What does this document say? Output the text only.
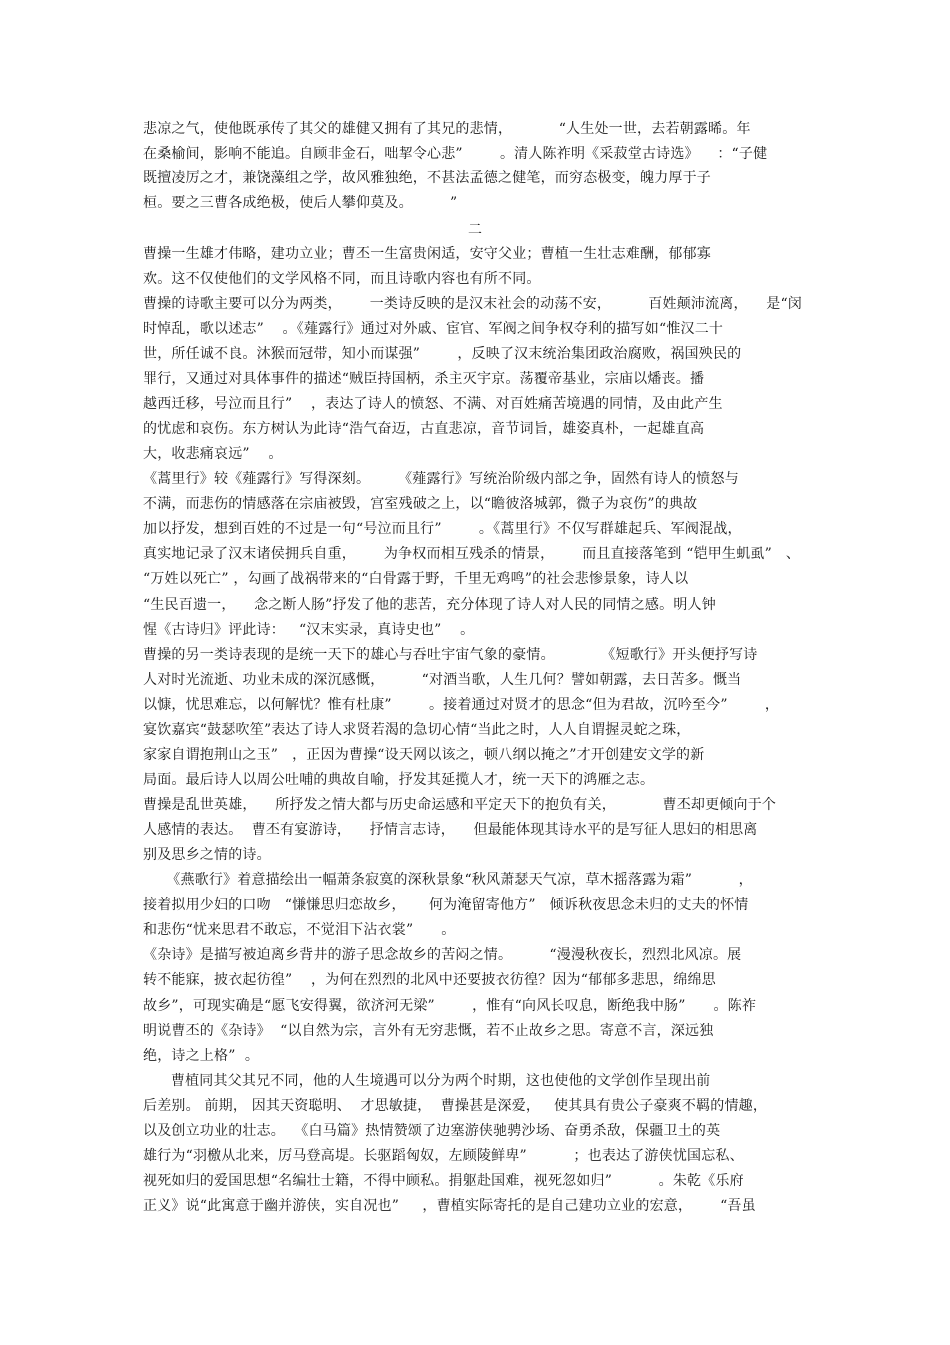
二
悲凉之气，使他既承传了其父的雄健又拥有了其兄的悲情，          “人生处一世，去若朝露晞。年
在桑榆间，影响不能追。自顾非金石，咄挈令心悲”        。清人陈祚明《采菽堂古诗选》    ：“子健
既擅凌厉之才，兼饶藻组之学，故风雅独绝，不甚法孟德之健笔，而穷态极变，魄力厚于子
桓。要之三曹各成绝极，使后人攀仰莫及。        ”
曹操一生雄才伟略，建功立业；曹丕一生富贵闲适，安守父业；曹植一生壮志难酬，郁郁寡
欢。这不仅使他们的文学风格不同，而且诗歌内容也有所不同。
曹操的诗歌主要可以分为两类，      一类诗反映的是汉末社会的动荡不安，        百姓颠沛流离，    是“闵
时悼乱，歌以述志”    。《薤露行》通过对外戚、宦官、军阀之间争权夺利的描写如“惟汉二十
世，所任诚不良。沐猴而冠带，知小而谋强”        ，反映了汉末统治集团政治腐败，祸国殃民的
罪行，又通过对具体事件的描述“贼臣持国柄，杀主灭宇京。荡覆帝基业，宗庙以燔丧。播
越西迁移，号泣而且行”    ，表达了诗人的愤怒、不满、对百姓痛苦境遇的同情，及由此产生
的忧虑和哀伤。东方树认为此诗“浩气奋迈，古直悲凉，音节词旨，雄姿真朴，一起雄直高
大，收悲痛哀远”    。
《蒿里行》较《薤露行》写得深刻。      《薤露行》写统治阶级内部之争，固然有诗人的愤怒与
不满，而悲伤的情感落在宗庙被毁，宫室残破之上，以“瞻彼洛城郭，微子为哀伤”的典故
加以抒发，想到百姓的不过是一句“号泣而且行”        。《蒿里行》不仅写群雄起兵、军阀混战，
真实地记录了汉末诸侯拥兵自重，      为争权而相互残杀的情景，      而且直接落笔到 “铠甲生虮虱”   、
“万姓以死亡” ，勾画了战祸带来的“白骨露于野，千里无鸡鸣”的社会悲惨景象，诗人以
“生民百遗一，    念之断人肠”抒发了他的悲苦，充分体现了诗人对人民的同情之感。明人钟
惺《古诗归》评此诗：   “汉末实录，真诗史也”    。
曹操的另一类诗表现的是统一天下的雄心与吞吐宇宙气象的豪情。          《短歌行》开头便抒写诗
人对时光流逝、功业未成的深沉感慨，        “对酒当歌，人生几何？譬如朝露，去日苦多。慨当
以慷，忧思难忘，以何解忧？惟有杜康”        。接着通过对贤才的思念“但为君故，沉吟至今”        ，
宴饮嘉宾“鼓瑟吹笙”表达了诗人求贤若渴的急切心情“当此之时，人人自谓握灵蛇之珠，
家家自谓抱荆山之玉”   ，正因为曹操“设天网以该之，顿八纲以掩之”才开创建安文学的新
局面。最后诗人以周公吐哺的典故自喻，抒发其延揽人才，统一天下的鸿雁之志。
曹操是乱世英雄，    所抒发之情大都与历史命运感和平定天下的抱负有关，          曹丕却更倾向于个
人感情的表达。  曹丕有宴游诗，    抒情言志诗，    但最能体现其诗水平的是写征人思妇的相思离
别及思乡之情的诗。
《燕歌行》着意描绘出一幅萧条寂寞的深秋景象“秋风萧瑟天气凉，草木摇落露为霜”          ，
接着拟用少妇的口吻   “慊慊思归恋故乡，     何为淹留寄他方”   倾诉秋夜思念未归的丈夫的怀情
和悲伤“忧来思君不敢忘，不觉泪下沾衣裳”      。
《杂诗》是描写被迫离乡背井的游子思念故乡的苦闷之情。        “漫漫秋夜长，烈烈北风凉。展
转不能寐，披衣起彷徨”    ，为何在烈烈的北风中还要披衣彷徨？因为“郁郁多悲思，绵绵思
故乡”，可现实确是“愿飞安得翼，欲济河无梁”        ，惟有“向风长叹息，断绝我中肠”      。陈祚
明说曹丕的《杂诗》  “以自然为宗，言外有无穷悲慨，若不止故乡之思。寄意不言，深远独
绝，诗之上格”  。
曹植同其父其兄不同，他的人生境遇可以分为两个时期，这也使他的文学创作呈现出前
后差别。 前期， 因其天资聪明、  才思敏捷，  曹操甚是深爱，   使其具有贵公子豪爽不羁的情趣，
以及创立功业的壮志。  《白马篇》热情赞颂了边塞游侠驰骋沙场、奋勇杀敌，保疆卫土的英
雄行为“羽檄从北来，厉马登高堤。长驱蹈匈奴，左顾陵鲜卑”          ；也表达了游侠忧国忘私、
视死如归的爱国思想“名编壮士籍，不得中顾私。捐躯赴国难，视死忽如归”          。朱乾《乐府
正义》说“此寓意于幽并游侠，实自况也”     ，曹植实际寄托的是自己建功立业的宏意，      “吾虽
